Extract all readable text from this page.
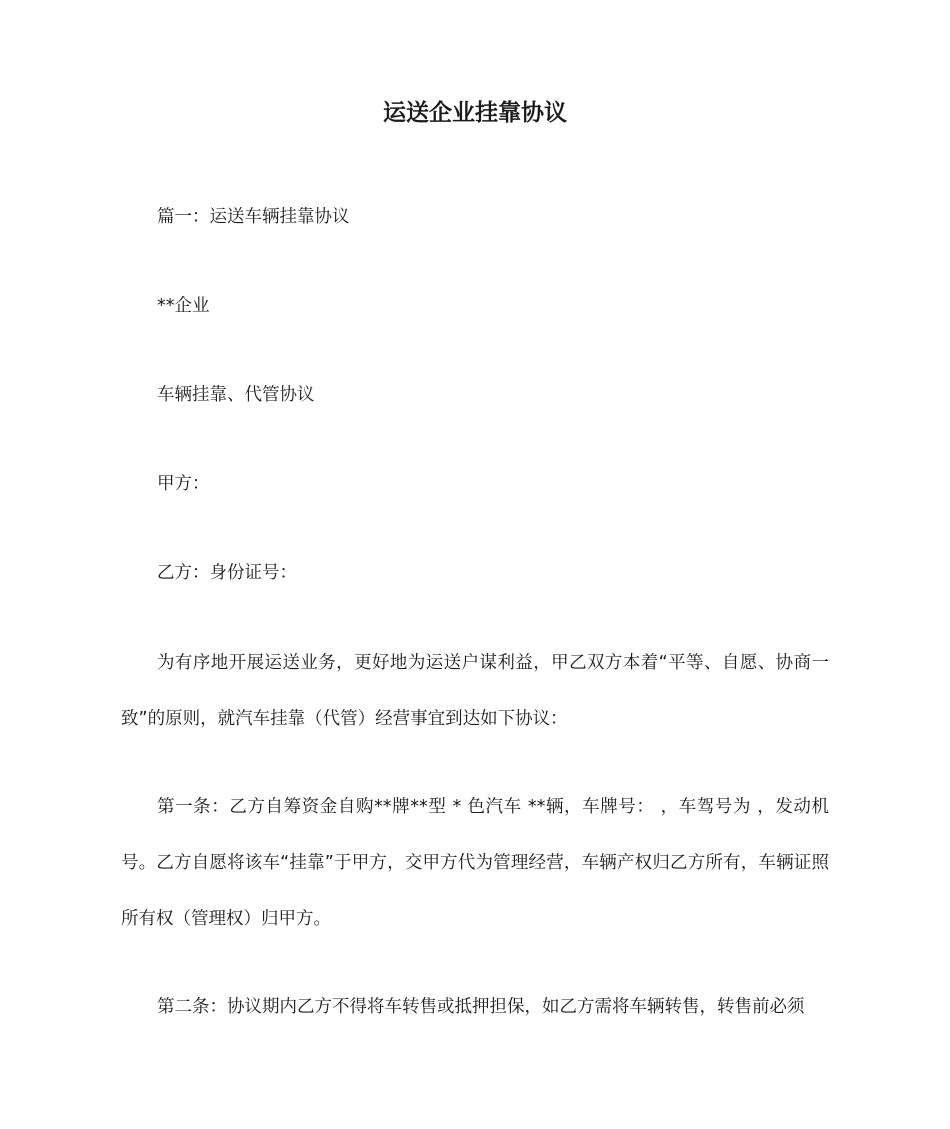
运送企业挂靠协议
篇一：运送车辆挂靠协议
**企业
车辆挂靠、代管协议
甲方：
乙方：身份证号：
为有序地开展运送业务，更好地为运送户谋利益，甲乙双方本着“平等、自愿、协商一致”的原则，就汽车挂靠（代管）经营事宜到达如下协议：
第一条：乙方自筹资金自购**牌**型 * 色汽车 **辆，车牌号： ，车驾号为 ，发动机号。乙方自愿将该车“挂靠”于甲方，交甲方代为管理经营，车辆产权归乙方所有，车辆证照所有权（管理权）归甲方。
第二条：协议期内乙方不得将车转售或抵押担保，如乙方需将车辆转售，转售前必须
